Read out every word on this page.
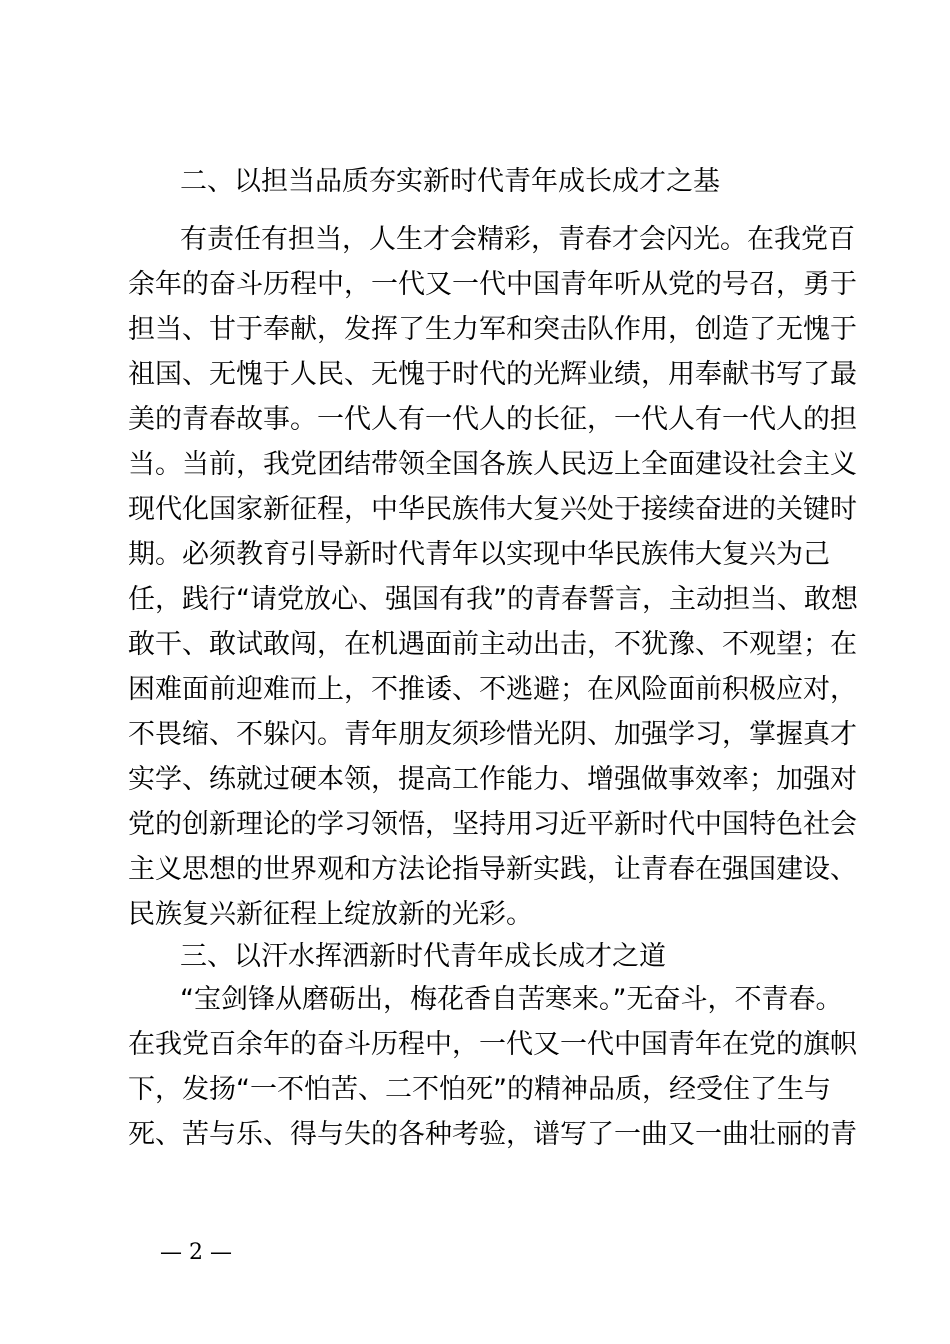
二、以担当品质夯实新时代青年成长成才之基
有责任有担当，人生才会精彩，青春才会闪光。在我党百
余年的奋斗历程中，一代又一代中国青年听从党的号召，勇于
担当、甘于奉献，发挥了生力军和突击队作用，创造了无愧于
祖国、无愧于人民、无愧于时代的光辉业绩，用奉献书写了最
美的青春故事。一代人有一代人的长征，一代人有一代人的担
当。当前，我党团结带领全国各族人民迈上全面建设社会主义
现代化国家新征程，中华民族伟大复兴处于接续奋进的关键时
期。必须教育引导新时代青年以实现中华民族伟大复兴为己
任，践行“请党放心、强国有我”的青春誓言，主动担当、敢想
敢干、敢试敢闯，在机遇面前主动出击，不犹豫、不观望；在
困难面前迎难而上，不推诿、不逃避；在风险面前积极应对，
不畏缩、不躲闪。青年朋友须珍惜光阴、加强学习，掌握真才
实学、练就过硬本领，提高工作能力、增强做事效率；加强对
党的创新理论的学习领悟，坚持用习近平新时代中国特色社会
主义思想的世界观和方法论指导新实践，让青春在强国建设、
民族复兴新征程上绽放新的光彩。
三、以汗水挥洒新时代青年成长成才之道
“宝剑锋从磨砺出，梅花香自苦寒来。”无奋斗，不青春。
在我党百余年的奋斗历程中，一代又一代中国青年在党的旗帜
下，发扬“一不怕苦、二不怕死”的精神品质，经受住了生与
死、苦与乐、得与失的各种考验，谱写了一曲又一曲壮丽的青
— 2 —
